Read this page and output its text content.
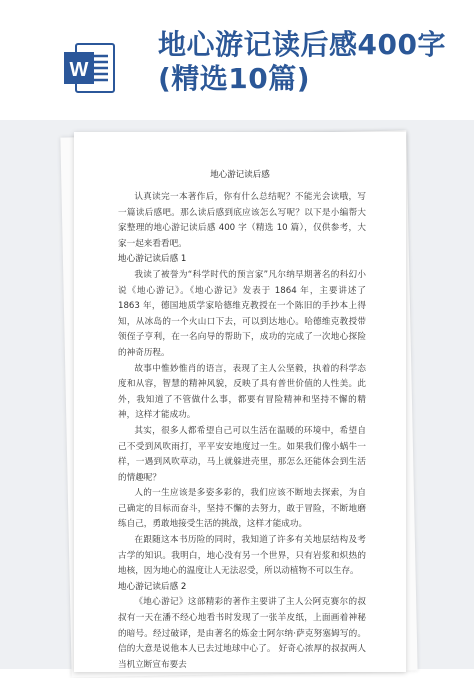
W
地心游记读后感400字(精选10篇)
地心游记读后感

认真读完一本著作后，你有什么总结呢？不能光会读哦，写一篇读后感吧。那么读后感到底应该怎么写呢？以下是小编帮大家整理的地心游记读后感 400 字（精选 10 篇），仅供参考，大家一起来看看吧。

地心游记读后感 1

我读了被誉为“科学时代的预言家”凡尔纳早期著名的科幻小说《地心游记》。《地心游记》发表于 1864 年，主要讲述了 1863 年，德国地质学家哈德维克教授在一个陈旧的手抄本上得知，从冰岛的一个火山口下去，可以到达地心。哈德维克教授带领侄子亨利，在一名向导的帮助下，成功的完成了一次地心探险的神奇历程。

故事中惟妙惟肖的语言，表现了主人公坚毅，执着的科学态度和从容，智慧的精神风貌，反映了具有普世价值的人性美。此外，我知道了不管做什么事，都要有冒险精神和坚持不懈的精神，这样才能成功。

其实，很多人都希望自己可以生活在温暖的环境中，希望自己不受到风吹雨打，平平安安地度过一生。如果我们像小蜗牛一样，一遇到风吹草动，马上就躲进壳里，那怎么还能体会到生活的情趣呢？

人的一生应该是多姿多彩的，我们应该不断地去探索，为自己确定的目标而奋斗，坚持不懈的去努力，敢于冒险，不断地磨练自己，勇敢地接受生活的挑战，这样才能成功。

在跟随这本书历险的同时，我知道了许多有关地层结构及考古学的知识。我明白，地心没有另一个世界，只有岩浆和炽热的地核，因为地心的温度让人无法忍受，所以动植物不可以生存。

地心游记读后感 2

《地心游记》这部精彩的著作主要讲了主人公阿克赛尔的叔叔有一天在潘不经心地看书时发现了一张羊皮纸，上面画着神秘的暗号。经过破译，是由著名的炼金士阿尔纳·萨克努塞姆写的。 信的大意是说他本人已去过地球中心了。 好奇心浓厚的叔叔两人当机立断宣布要去
